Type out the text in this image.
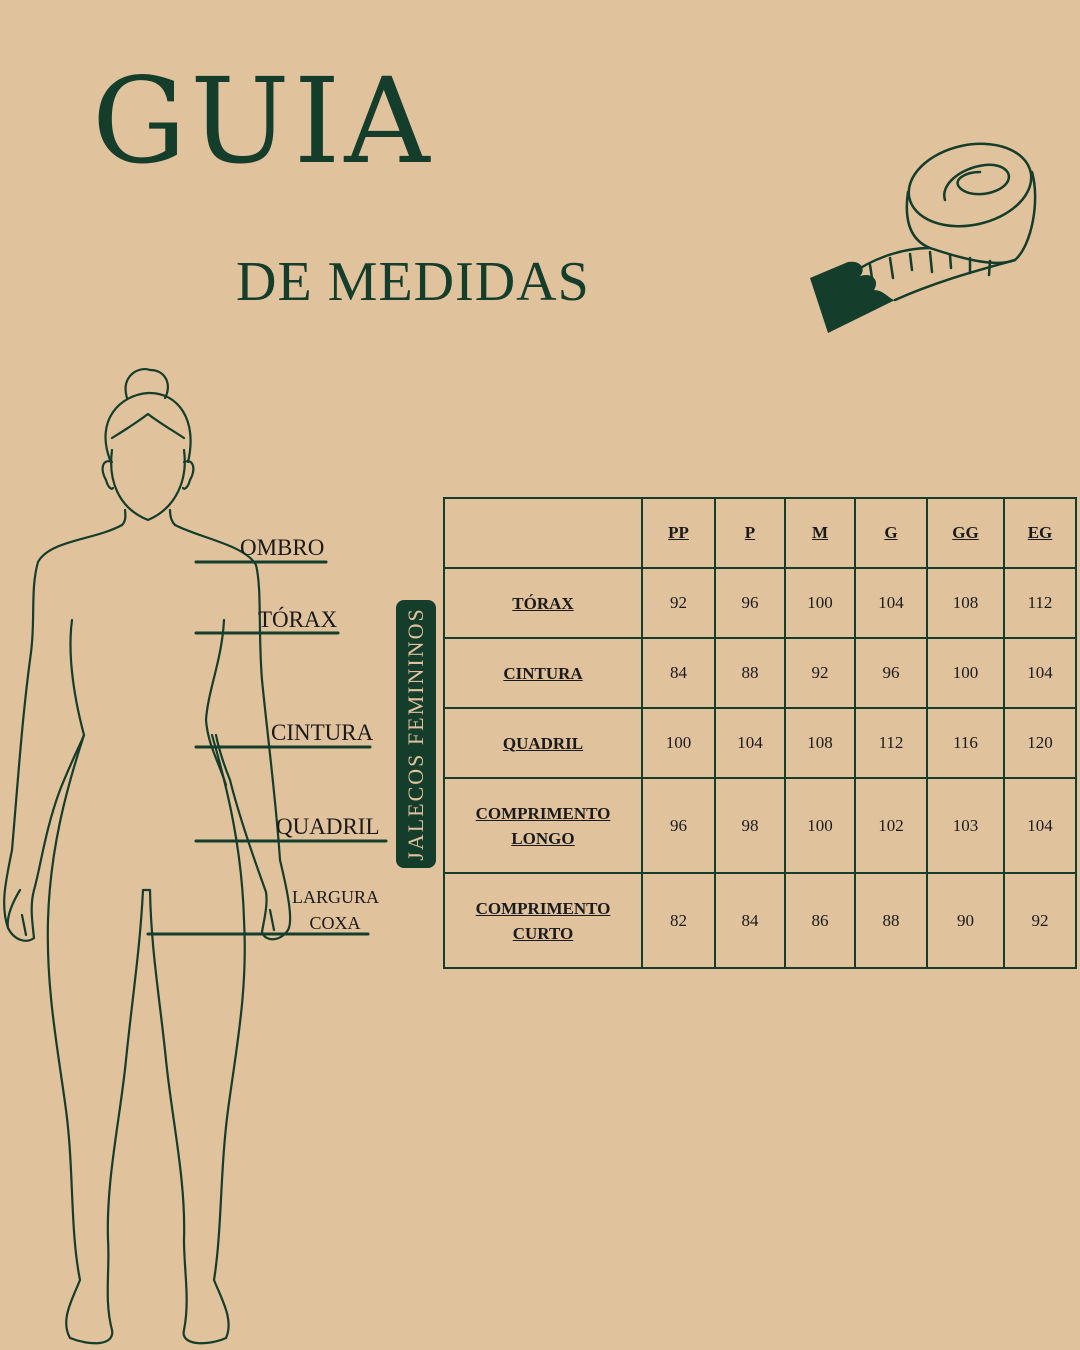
GUIA
DE MEDIDAS
OMBRO
TÓRAX
CINTURA
QUADRIL
LARGURA
COXA
JALECOS FEMININOS
	PP	P	M	G	GG	EG

TÓRAX	92	96	100	104	108	112

CINTURA	84	88	92	96	100	104

QUADRIL	100	104	108	112	116	120

COMPRIMENTO
LONGO	96	98	100	102	103	104

COMPRIMENTO
CURTO	82	84	86	88	90	92
